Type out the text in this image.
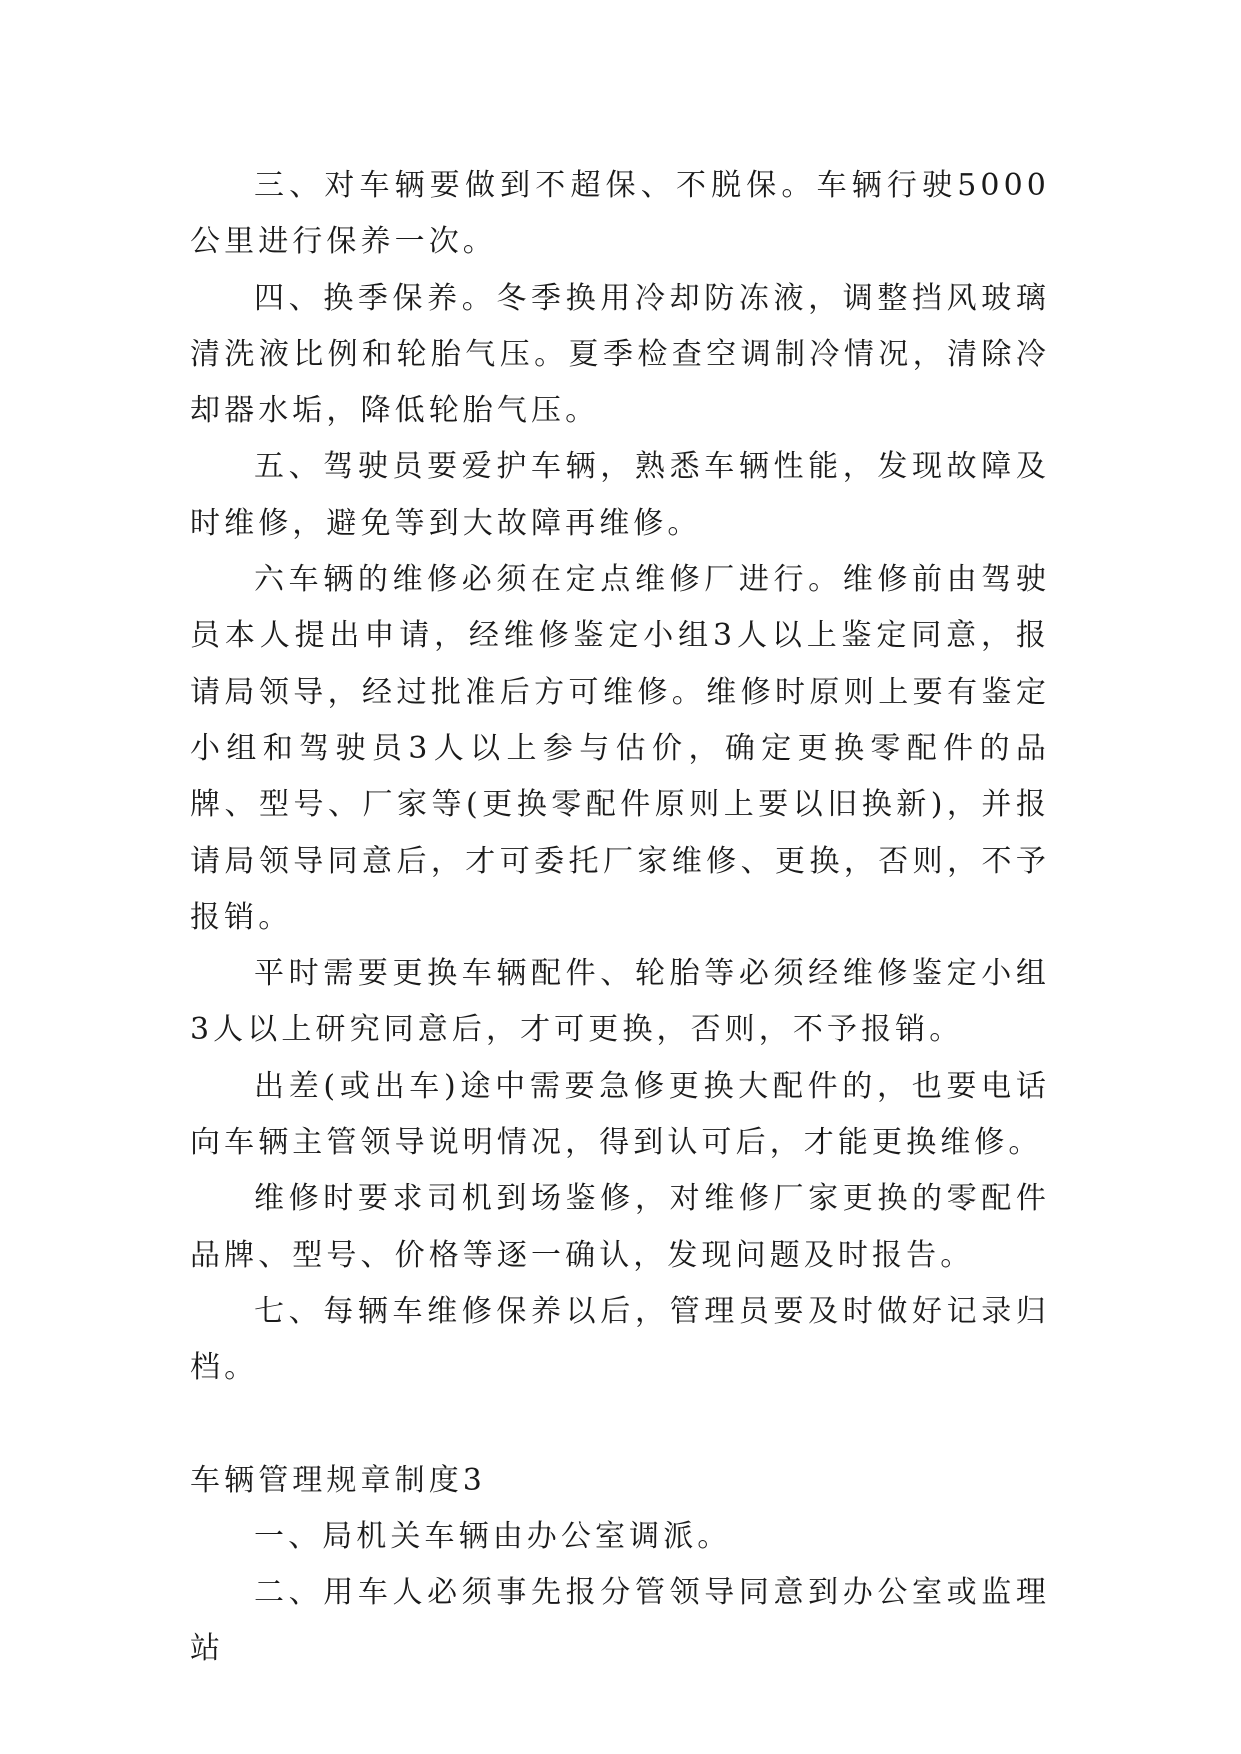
三、对车辆要做到不超保、不脱保。车辆行驶5000公里进行保养一次。

四、换季保养。冬季换用冷却防冻液，调整挡风玻璃清洗液比例和轮胎气压。夏季检查空调制冷情况，清除冷却器水垢，降低轮胎气压。

五、驾驶员要爱护车辆，熟悉车辆性能，发现故障及时维修，避免等到大故障再维修。

六车辆的维修必须在定点维修厂进行。维修前由驾驶员本人提出申请，经维修鉴定小组3人以上鉴定同意，报请局领导，经过批准后方可维修。维修时原则上要有鉴定小组和驾驶员3人以上参与估价，确定更换零配件的品牌、型号、厂家等(更换零配件原则上要以旧换新)，并报请局领导同意后，才可委托厂家维修、更换，否则，不予报销。

平时需要更换车辆配件、轮胎等必须经维修鉴定小组3人以上研究同意后，才可更换，否则，不予报销。

出差(或出车)途中需要急修更换大配件的，也要电话向车辆主管领导说明情况，得到认可后，才能更换维修。

维修时要求司机到场鉴修，对维修厂家更换的零配件品牌、型号、价格等逐一确认，发现问题及时报告。

七、每辆车维修保养以后，管理员要及时做好记录归档。

车辆管理规章制度3

一、局机关车辆由办公室调派。

二、用车人必须事先报分管领导同意到办公室或监理站
